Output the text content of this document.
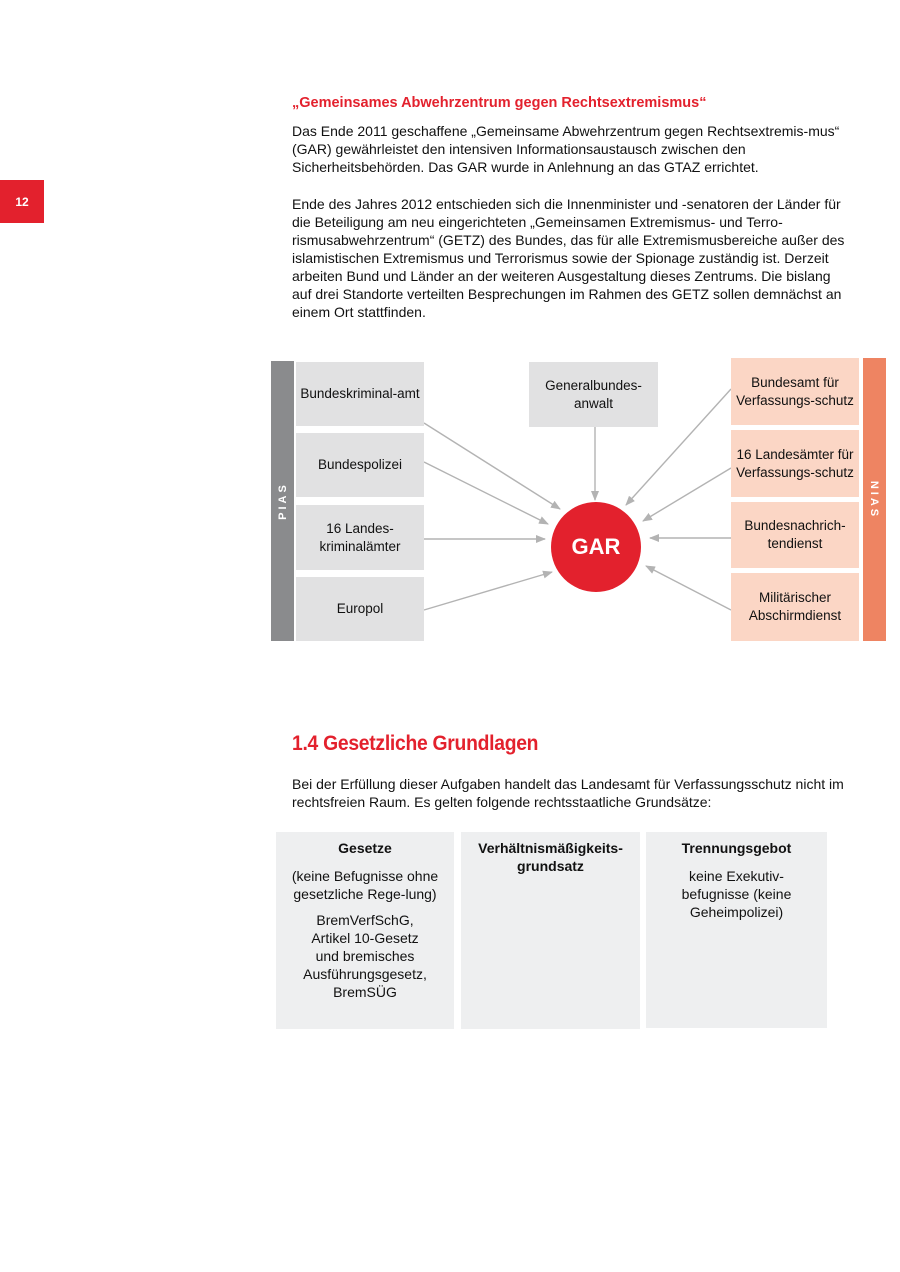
12
„Gemeinsames Abwehrzentrum gegen Rechtsextremismus“

Das Ende 2011 geschaffene „Gemeinsame Abwehrzentrum gegen Rechtsextremis-mus“ (GAR) gewährleistet den intensiven Informationsaustausch zwischen den Sicherheitsbehörden. Das GAR wurde in Anlehnung an das GTAZ errichtet.

Ende des Jahres 2012 entschieden sich die Innenminister und -senatoren der Länder für die Beteiligung am neu eingerichteten „Gemeinsamen Extremismus- und Terro-rismusabwehrzentrum“ (GETZ) des Bundes, das für alle Extremismusbereiche außer des islamistischen Extremismus und Terrorismus sowie der Spionage zuständig ist. Derzeit arbeiten Bund und Länder an der weiteren Ausgestaltung dieses Zentrums. Die bislang auf drei Standorte verteilten Besprechungen im Rahmen des GETZ sollen demnächst an einem Ort stattfinden.

PIAS	NIAS
Bundeskriminal-amt
Bundespolizei
16 Landes-kriminalämter
Europol
Generalbundes-anwalt
GAR
Bundesamt für Verfassungs-schutz
16 Landesämter für Verfassungs-schutz
Bundesnachrich-tendienst
Militärischer Abschirmdienst
1.4 Gesetzliche Grundlagen

Bei der Erfüllung dieser Aufgaben handelt das Landesamt für Verfassungsschutz nicht im rechtsfreien Raum. Es gelten folgende rechtsstaatliche Grundsätze:

Gesetze
(keine Befugnisse ohne gesetzliche Rege-lung)
BremVerfSchG, Artikel 10-Gesetz und bremisches Ausführungsgesetz, BremSÜG
Verhältnismäßigkeits-grundsatz
Trennungsgebot
keine Exekutiv-befugnisse (keine Geheimpolizei)
